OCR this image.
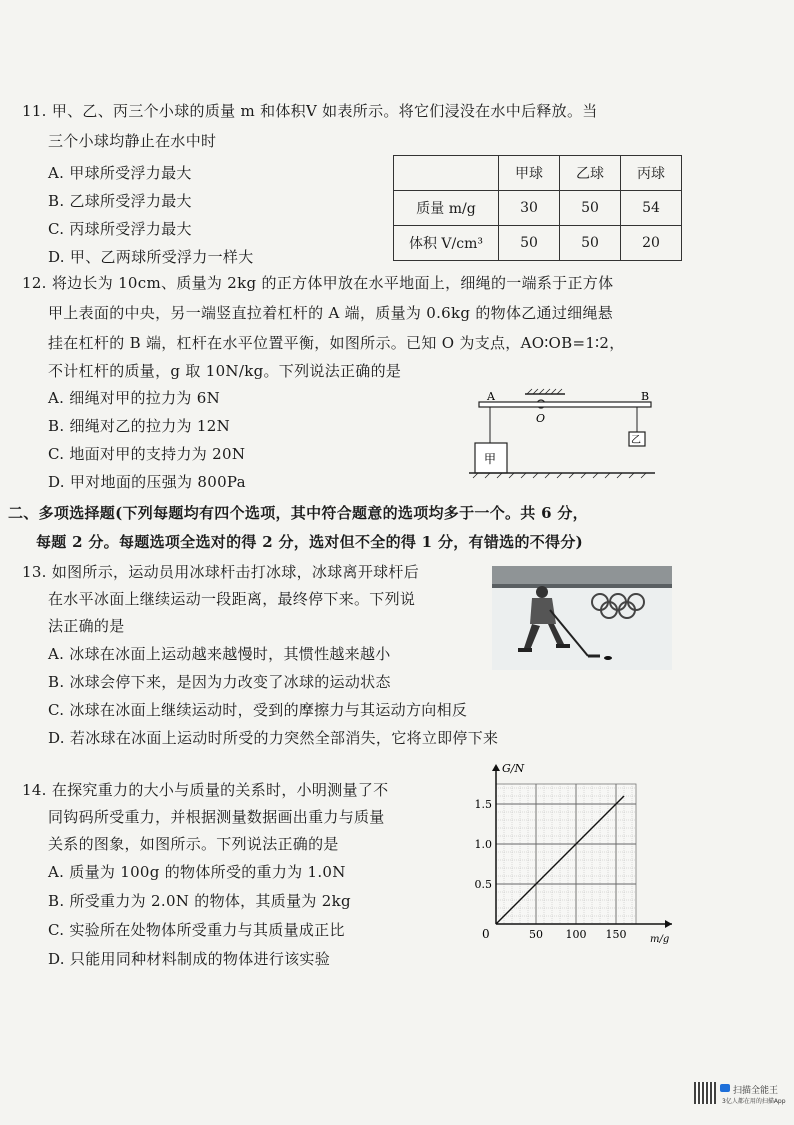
11. 甲、乙、丙三个小球的质量 m 和体积V 如表所示。将它们浸没在水中后释放。当
三个小球均静止在水中时
A. 甲球所受浮力最大
B. 乙球所受浮力最大
C. 丙球所受浮力最大
D. 甲、乙两球所受浮力一样大
	甲球	乙球	丙球
质量 m/g	30	50	54
体积 V/cm³	50	50	20
12. 将边长为 10cm、质量为 2kg 的正方体甲放在水平地面上，细绳的一端系于正方体
甲上表面的中央，另一端竖直拉着杠杆的 A 端，质量为 0.6kg 的物体乙通过细绳悬
挂在杠杆的 B 端，杠杆在水平位置平衡，如图所示。已知 O 为支点，AO∶OB=1∶2，
不计杠杆的质量，g 取 10N/kg。下列说法正确的是
A. 细绳对甲的拉力为 6N
B. 细绳对乙的拉力为 12N
C. 地面对甲的支持力为 20N
D. 甲对地面的压强为 800Pa
A	B
O
甲
乙
二、多项选择题(下列每题均有四个选项，其中符合题意的选项均多于一个。共 6 分，
每题 2 分。每题选项全选对的得 2 分，选对但不全的得 1 分，有错选的不得分)
13. 如图所示，运动员用冰球杆击打冰球，冰球离开球杆后
在水平冰面上继续运动一段距离，最终停下来。下列说
法正确的是
A. 冰球在冰面上运动越来越慢时，其惯性越来越小
B. 冰球会停下来，是因为力改变了冰球的运动状态
C. 冰球在冰面上继续运动时，受到的摩擦力与其运动方向相反
D. 若冰球在冰面上运动时所受的力突然全部消失，它将立即停下来
14. 在探究重力的大小与质量的关系时，小明测量了不
同钩码所受重力，并根据测量数据画出重力与质量
关系的图象，如图所示。下列说法正确的是
A. 质量为 100g 的物体所受的重力为 1.0N
B. 所受重力为 2.0N 的物体，其质量为 2kg
C. 实验所在处物体所受重力与其质量成正比
D. 只能用同种材料制成的物体进行该实验
G/N
m/g
0	50 100 150
0.5
1.0
1.5
扫描全能王
3亿人都在用的扫描App
